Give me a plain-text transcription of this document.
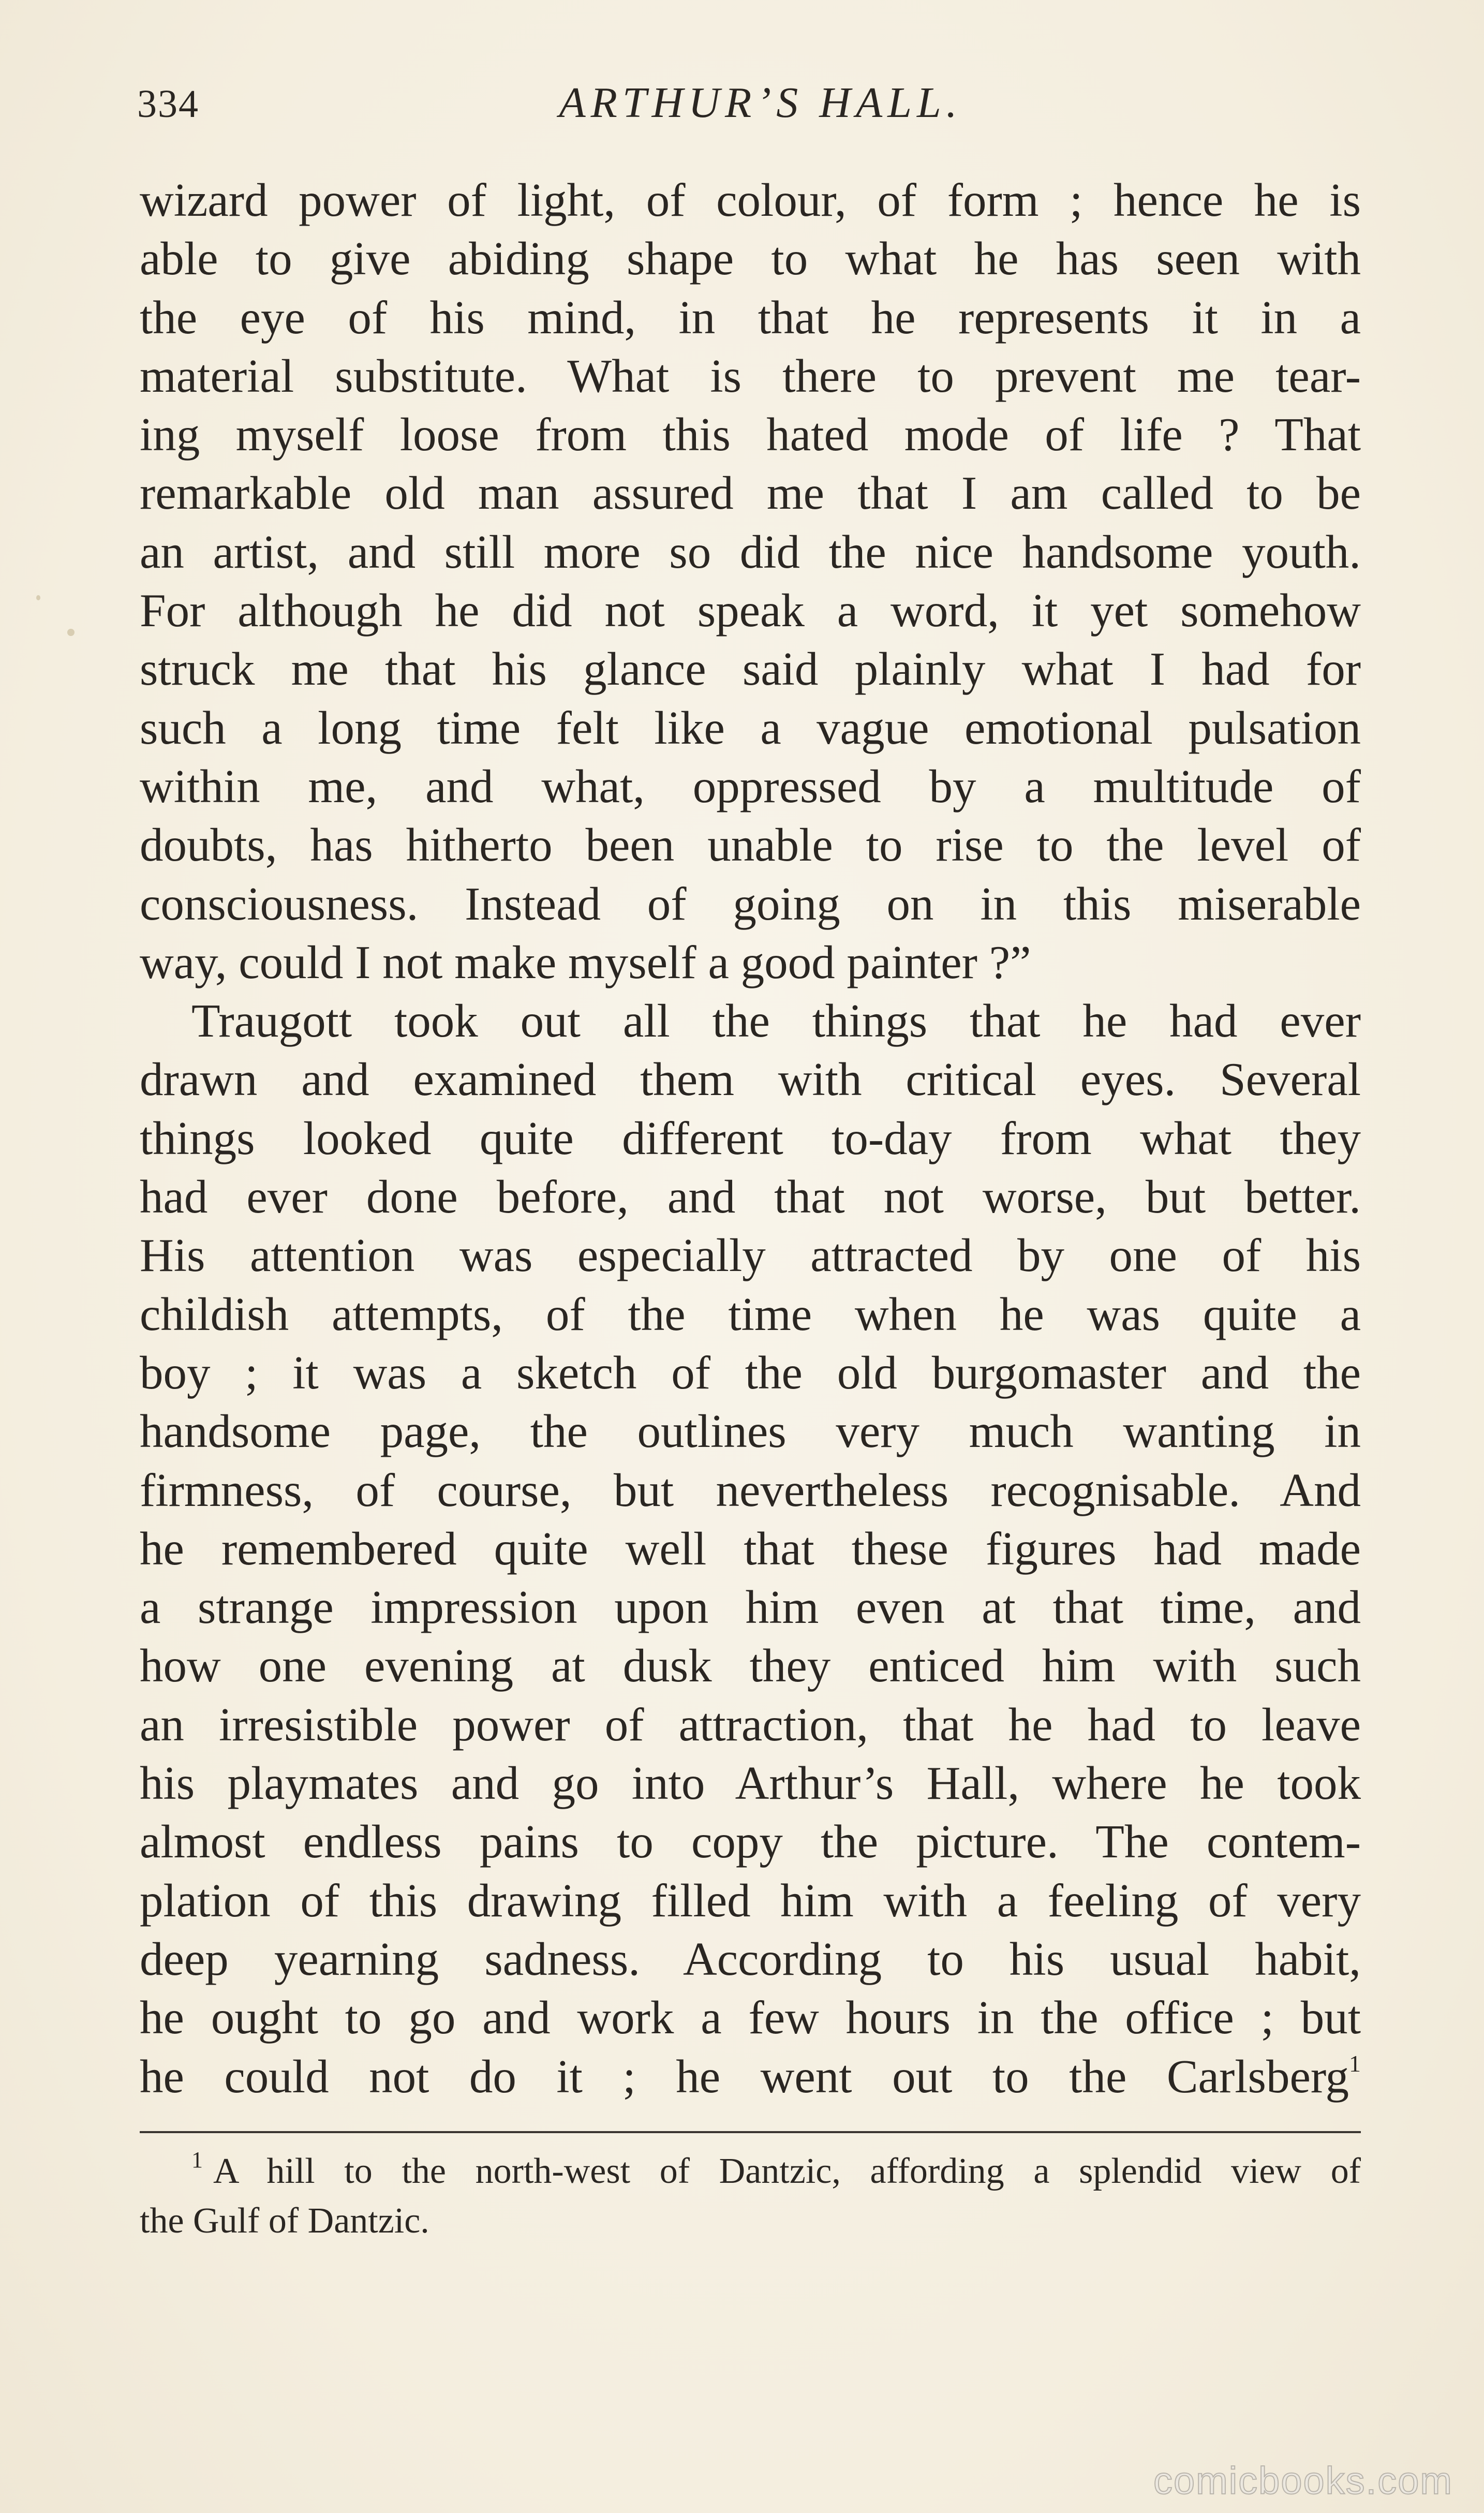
334	ARTHUR’S HALL.
wizard power of light, of colour, of form ; hence he is
able to give abiding shape to what he has seen with
the eye of his mind, in that he represents it in a
material substitute. What is there to prevent me tear-
ing myself loose from this hated mode of life ? That
remarkable old man assured me that I am called to be
an artist, and still more so did the nice handsome youth.
For although he did not speak a word, it yet somehow
struck me that his glance said plainly what I had for
such a long time felt like a vague emotional pulsation
within me, and what, oppressed by a multitude of
doubts, has hitherto been unable to rise to the level of
consciousness. Instead of going on in this miserable
way, could I not make myself a good painter ?”
Traugott took out all the things that he had ever
drawn and examined them with critical eyes. Several
things looked quite different to-day from what they
had ever done before, and that not worse, but better.
His attention was especially attracted by one of his
childish attempts, of the time when he was quite a
boy ; it was a sketch of the old burgomaster and the
handsome page, the outlines very much wanting in
firmness, of course, but nevertheless recognisable. And
he remembered quite well that these figures had made
a strange impression upon him even at that time, and
how one evening at dusk they enticed him with such
an irresistible power of attraction, that he had to leave
his playmates and go into Arthur’s Hall, where he took
almost endless pains to copy the picture. The contem-
plation of this drawing filled him with a feeling of very
deep yearning sadness. According to his usual habit,
he ought to go and work a few hours in the office ; but
he could not do it ; he went out to the Carlsberg$^1$
$^1$ A hill to the north-west of Dantzic, affording a splendid view of
the Gulf of Dantzic.
comicbooks.com
